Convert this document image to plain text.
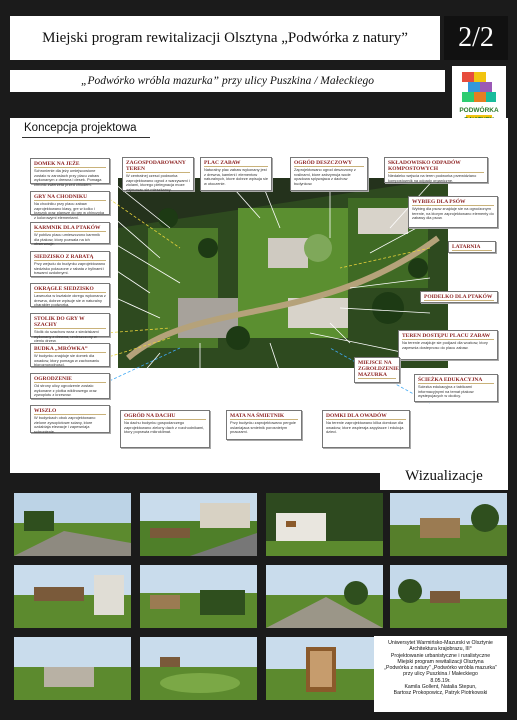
Miejski program rewitalizacji Olsztyna „Podwórka z natury”	2/2
„Podwórko wróbla mazurka” przy ulicy Puszkina / Małeckiego
PODWÓRKA
Koncepcja projektowa
DOMEK NA JEŻE
Schronienie dla jeży umiejscowione zostalo w zaroslach przy placu zabaw wykonanym z drewna i desek. Pomaga chronic zwierzeta przed chlodem.
GRY NA CHODNIKU
Na chodniku przy placu zabaw zaprojektowano klasy, gre w kolko i krzyzyk oraz plansze do gry w chinczyka z kolorowymi elementami.
KARMNIK DLA PTAKÓW
W poblizu placu umieszczono karmnik dla ptakow, ktory pozwala na ich obserwacje.
SIEDZISKO Z RABATĄ
Przy wejsciu do budynku zaprojektowano siedzisko polaczone z rabata z bylinami i trawami ozdobnymi.
OKRĄGŁE SIEDZISKO
Laweczka w ksztalcie okregu wykonana z drewna, dobrze wpisuje sie w naturalny charakter podworka.
STOLIK DO GRY W SZACHY
Stolik do szachow wraz z siedziskami wykonany z drewna, umieszczony w cieniu drzew.
BUDKA „MRÓWKA”
W budynku znajduje sie domek dla owadow, ktory pomaga w zachowaniu bioroznorodnosci.
OGRODZENIE
Od strony ulicy ogrodzenie zostalo wykonane z plotka wiklinowego oraz zywoplotu z krzewow.
WISZLO
W budynkach obok zaprojektowano zielone zywoplotowe sciany, ktore ozdabiaja elewacje i zapewniaja schronienie.
ZAGOSPODAROWANY TEREN
W centralnej czesci podworka zaprojektowano ogrod z warzywami i ziolami, ktorego pielegnacja moze zajmowac sie mieszkancy.
PLAC ZABAW
Naturalny plac zabaw wykonany jest z drewna, kamieni i elementow naturalnych, ktore dobrze wpisuja sie w otoczenie.
OGRÓD DESZCZOWY
Zaprojektowano ogrod deszczowy z roslinami, ktore zatrzymuja wode opadowa splywajaca z dachow budynkow.
SKŁADOWISKO ODPADÓW KOMPOSTOWYCH
Niedaleko wejscia na teren podworka przewidziano kompostownik na odpady organiczne.
WYBIEG DLA PSÓW
Wybieg dla psow znajduje sie na ogrodzonym terenie, na ktorym zaprojektowano elementy do zabawy dla psow.
LATARNIA
POIDELKO DLA PTAKÓW
TEREN DOSTĘPU PLACU ZABAW
Na terenie znajduje sie podjazd dla wozkow, ktory zapewnia dostepnosc do placu zabaw.
MIEJSCE NA ZGROŁDZENIE MAZURKA
ŚCIEŻKA EDUKACYJNA
Sciezka edukacyjna z tablicami informacyjnymi na temat ptakow wystepujacych w okolicy.
OGRÓD NA DACHU
Na dachu budynku gospodarczego zaprojektowano zielony dach z rozchodnikami, ktory poprawia mikroklimat.
MATA NA ŚMIETNIK
Przy budynku zaprojektowano pergole oslaniajaca smietnik porosnietym pnaczami.
DOMKI DLA OWADÓW
Na terenie zaprojektowano kilka domkow dla owadow, ktore wspieraja zapylacze i edukuja dzieci.
Wizualizacje
Uniwersytet Warmińsko-Mazurski w Olsztynie
Architektura krajobrazu, III°
Projektowanie urbanistyczne i ruralistyczne
Miejski program rewitalizacji Olsztyna
„Podwórka z natury” „Podwórko wróbla mazurka”
przy ulicy Puszkina / Małeckiego
8.05.19r.
Kamila Gollent, Natalia Stepun,
Bartosz Prokopowicz, Patryk Piotrkowski
